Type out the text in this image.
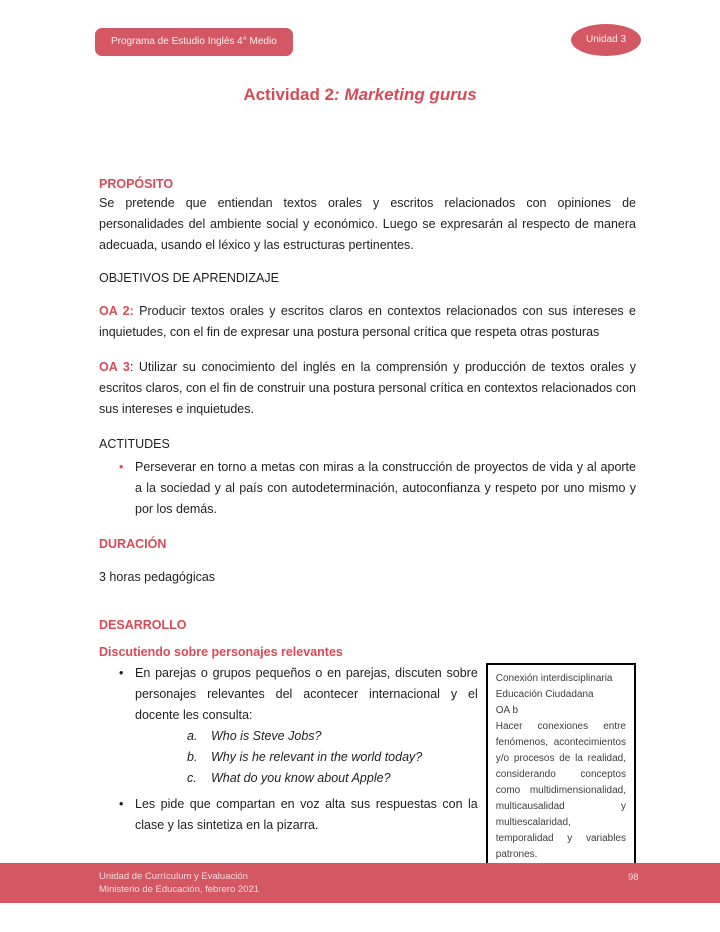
Programa de Estudio Inglés 4° Medio	Unidad 3
Actividad 2: Marketing gurus
PROPÓSITO

Se pretende que entiendan textos orales y escritos relacionados con opiniones de personalidades del ambiente social y económico. Luego se expresarán al respecto de manera adecuada, usando el léxico y las estructuras pertinentes.

OBJETIVOS DE APRENDIZAJE

OA 2: Producir textos orales y escritos claros en contextos relacionados con sus intereses e inquietudes, con el fin de expresar una postura personal crítica que respeta otras posturas

OA 3: Utilizar su conocimiento del inglés en la comprensión y producción de textos orales y escritos claros, con el fin de construir una postura personal crítica en contextos relacionados con sus intereses e inquietudes.

ACTITUDES
• Perseverar en torno a metas con miras a la construcción de proyectos de vida y al aporte a la sociedad y al país con autodeterminación, autoconfianza y respeto por uno mismo y por los demás.

DURACIÓN

3 horas pedagógicas

DESARROLLO
Discutiendo sobre personajes relevantes
• En parejas o grupos pequeños o en parejas, discuten sobre personajes relevantes del acontecer internacional y el docente les consulta:

a.	Who is Steve Jobs?
b.	Why is he relevant in the world today?
c.	What do you know about Apple?
• Les pide que compartan en voz alta sus respuestas con la clase y las sintetiza en la pizarra.

Conexión interdisciplinaria

Educación Ciudadana

OA b

Hacer conexiones entre fenómenos, acontecimientos y/o procesos de la realidad, considerando conceptos como multidimensionalidad, multicausalidad y multiescalaridad, temporalidad y variables patrones.

Unidad de Currículum y Evaluación
Ministerio de Educación, febrero 2021
98
